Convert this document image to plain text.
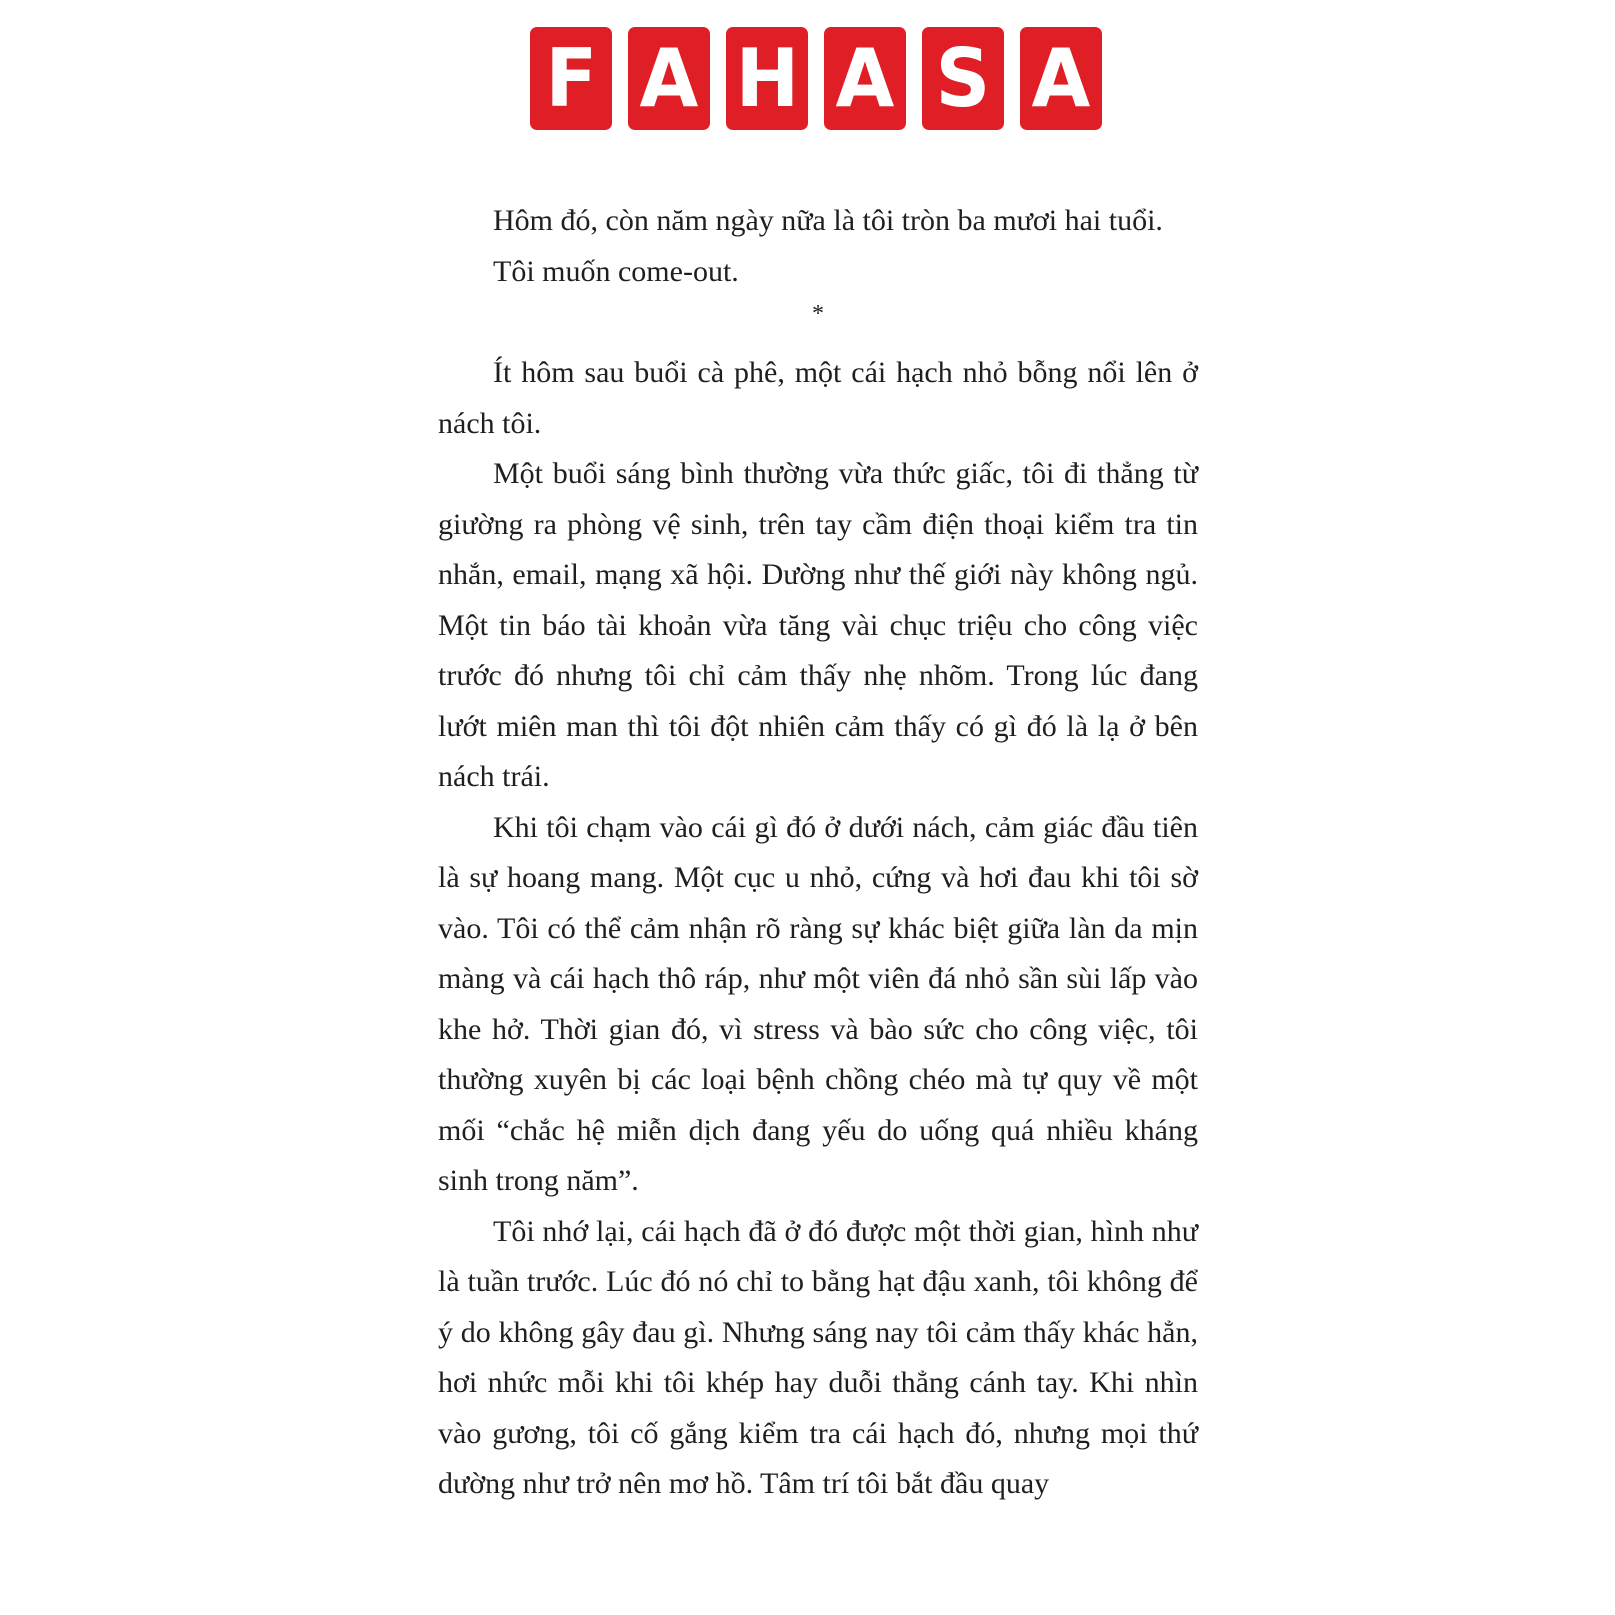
F A H A S A

Hôm đó, còn năm ngày nữa là tôi tròn ba mươi hai tuổi.

Tôi muốn come-out.

*

Ít hôm sau buổi cà phê, một cái hạch nhỏ bỗng nổi lên ở nách tôi.

Một buổi sáng bình thường vừa thức giấc, tôi đi thẳng từ giường ra phòng vệ sinh, trên tay cầm điện thoại kiểm tra tin nhắn, email, mạng xã hội. Dường như thế giới này không ngủ. Một tin báo tài khoản vừa tăng vài chục triệu cho công việc trước đó nhưng tôi chỉ cảm thấy nhẹ nhõm. Trong lúc đang lướt miên man thì tôi đột nhiên cảm thấy có gì đó là lạ ở bên nách trái.

Khi tôi chạm vào cái gì đó ở dưới nách, cảm giác đầu tiên là sự hoang mang. Một cục u nhỏ, cứng và hơi đau khi tôi sờ vào. Tôi có thể cảm nhận rõ ràng sự khác biệt giữa làn da mịn màng và cái hạch thô ráp, như một viên đá nhỏ sần sùi lấp vào khe hở. Thời gian đó, vì stress và bào sức cho công việc, tôi thường xuyên bị các loại bệnh chồng chéo mà tự quy về một mối “chắc hệ miễn dịch đang yếu do uống quá nhiều kháng sinh trong năm”.

Tôi nhớ lại, cái hạch đã ở đó được một thời gian, hình như là tuần trước. Lúc đó nó chỉ to bằng hạt đậu xanh, tôi không để ý do không gây đau gì. Nhưng sáng nay tôi cảm thấy khác hẳn, hơi nhức mỗi khi tôi khép hay duỗi thẳng cánh tay. Khi nhìn vào gương, tôi cố gắng kiểm tra cái hạch đó, nhưng mọi thứ dường như trở nên mơ hồ. Tâm trí tôi bắt đầu quay
